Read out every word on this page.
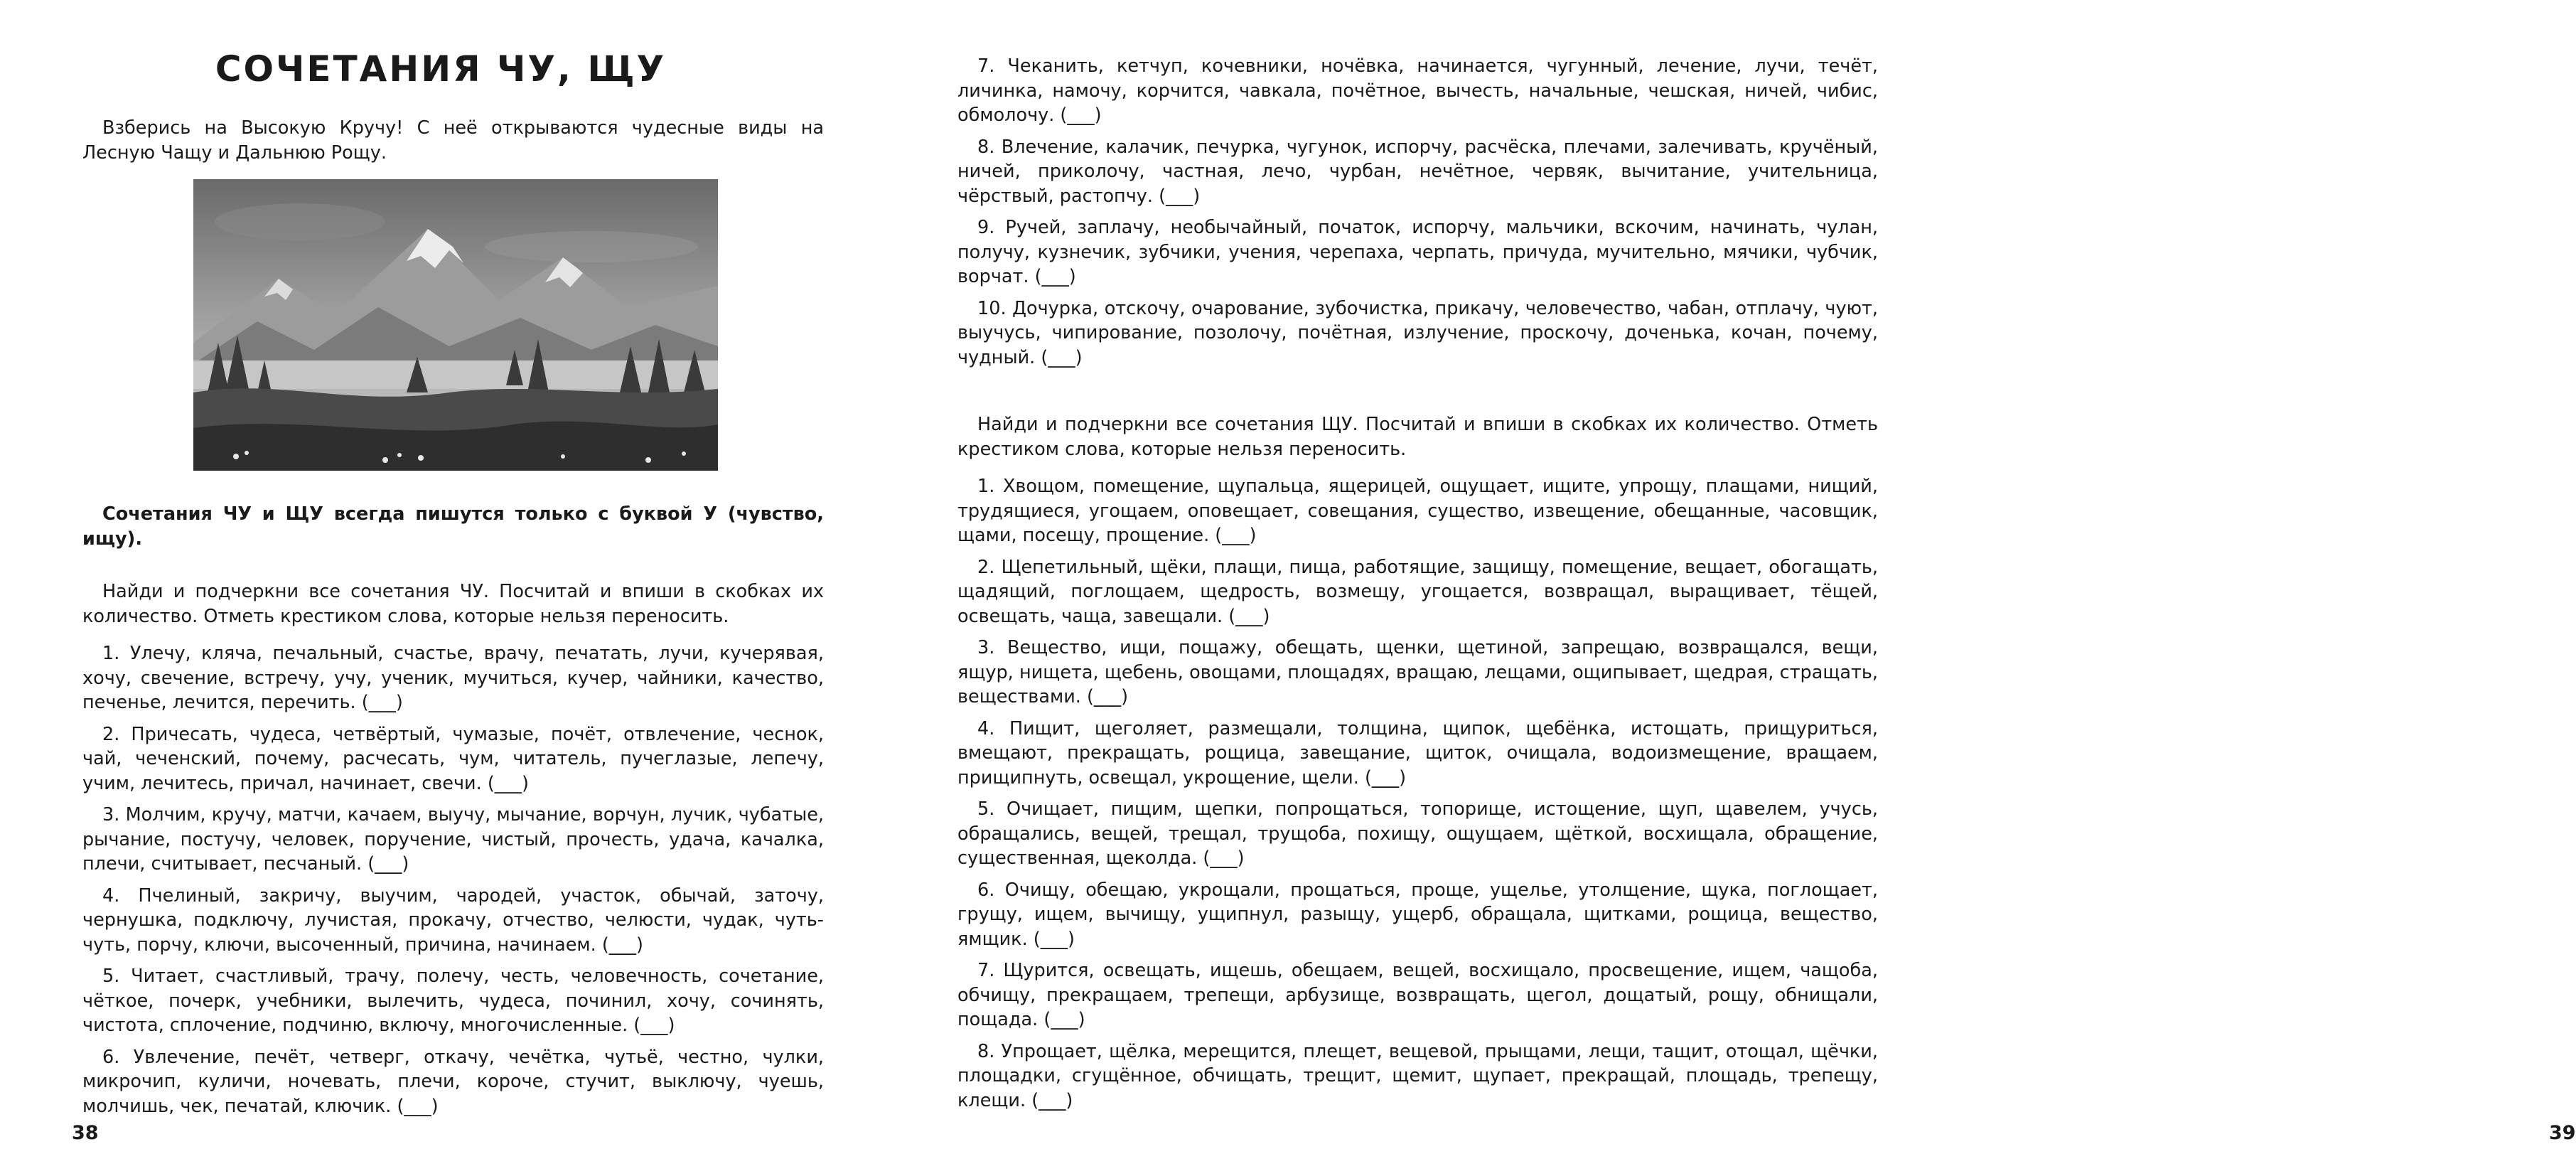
СОЧЕТАНИЯ ЧУ, ЩУ
Взберись на Высокую Кручу! С неё открываются чудесные виды на Лесную Чащу и Дальнюю Рощу.
Сочетания ЧУ и ЩУ всегда пишутся только с буквой У (чувство, ищу).
Найди и подчеркни все сочетания ЧУ. Посчитай и впиши в скобках их количество. Отметь крестиком слова, которые нельзя переносить.
1. Улечу, кляча, печальный, счастье, врачу, печатать, лучи, кучерявая, хочу, свечение, встречу, учу, ученик, мучиться, кучер, чайники, качество, печенье, лечится, перечить. (___)
2. Причесать, чудеса, четвёртый, чумазые, почёт, отвлечение, чеснок, чай, чеченский, почему, расчесать, чум, читатель, пучеглазые, лепечу, учим, лечитесь, причал, начинает, свечи. (___)
3. Молчим, кручу, матчи, качаем, выучу, мычание, ворчун, лучик, чубатые, рычание, постучу, человек, поручение, чистый, прочесть, удача, качалка, плечи, считывает, песчаный. (___)
4. Пчелиный, закричу, выучим, чародей, участок, обычай, заточу, чернушка, подключу, лучистая, прокачу, отчество, челюсти, чудак, чуть-чуть, порчу, ключи, высоченный, причина, начинаем. (___)
5. Читает, счастливый, трачу, полечу, честь, человечность, сочетание, чёткое, почерк, учебники, вылечить, чудеса, починил, хочу, сочинять, чистота, сплочение, подчиню, включу, многочисленные. (___)
6. Увлечение, печёт, четверг, откачу, чечётка, чутьё, честно, чулки, микрочип, куличи, ночевать, плечи, короче, стучит, выключу, чуешь, молчишь, чек, печатай, ключик. (___)
38
7. Чеканить, кетчуп, кочевники, ночёвка, начинается, чугунный, лечение, лучи, течёт, личинка, намочу, корчится, чавкала, почётное, вычесть, начальные, чешская, ничей, чибис, обмолочу. (___)
8. Влечение, калачик, печурка, чугунок, испорчу, расчёска, плечами, залечивать, кручёный, ничей, приколочу, частная, лечо, чурбан, нечётное, червяк, вычитание, учительница, чёрствый, растопчу. (___)
9. Ручей, заплачу, необычайный, початок, испорчу, мальчики, вскочим, начинать, чулан, получу, кузнечик, зубчики, учения, черепаха, черпать, причуда, мучительно, мячики, чубчик, ворчат. (___)
10. Дочурка, отскочу, очарование, зубочистка, прикачу, человечество, чабан, отплачу, чуют, выучусь, чипирование, позолочу, почётная, излучение, проскочу, доченька, кочан, почему, чудный. (___)
Найди и подчеркни все сочетания ЩУ. Посчитай и впиши в скобках их количество. Отметь крестиком слова, которые нельзя переносить.
1. Хвощом, помещение, щупальца, ящерицей, ощущает, ищите, упрощу, плащами, нищий, трудящиеся, угощаем, оповещает, совещания, существо, извещение, обещанные, часовщик, щами, посещу, прощение. (___)
2. Щепетильный, щёки, плащи, пища, работящие, защищу, помещение, вещает, обогащать, щадящий, поглощаем, щедрость, возмещу, угощается, возвращал, выращивает, тёщей, освещать, чаща, завещали. (___)
3. Вещество, ищи, пощажу, обещать, щенки, щетиной, запрещаю, возвращался, вещи, ящур, нищета, щебень, овощами, площадях, вращаю, лещами, ощипывает, щедрая, стращать, веществами. (___)
4. Пищит, щеголяет, размещали, толщина, щипок, щебёнка, истощать, прищуриться, вмещают, прекращать, рощица, завещание, щиток, очищала, водоизмещение, вращаем, прищипнуть, освещал, укрощение, щели. (___)
5. Очищает, пищим, щепки, попрощаться, топорище, истощение, щуп, щавелем, учусь, обращались, вещей, трещал, трущоба, похищу, ощущаем, щёткой, восхищала, обращение, существенная, щеколда. (___)
6. Очищу, обещаю, укрощали, прощаться, проще, ущелье, утолщение, щука, поглощает, грущу, ищем, вычищу, ущипнул, разыщу, ущерб, обращала, щитками, рощица, вещество, ямщик. (___)
7. Щурится, освещать, ищешь, обещаем, вещей, восхищало, просвещение, ищем, чащоба, обчищу, прекращаем, трепещи, арбузище, возвращать, щегол, дощатый, рощу, обнищали, пощада. (___)
8. Упрощает, щёлка, мерещится, плещет, вещевой, прыщами, лещи, тащит, отощал, щёчки, площадки, сгущённое, обчищать, трещит, щемит, щупает, прекращай, площадь, трепещу, клещи. (___)
39
